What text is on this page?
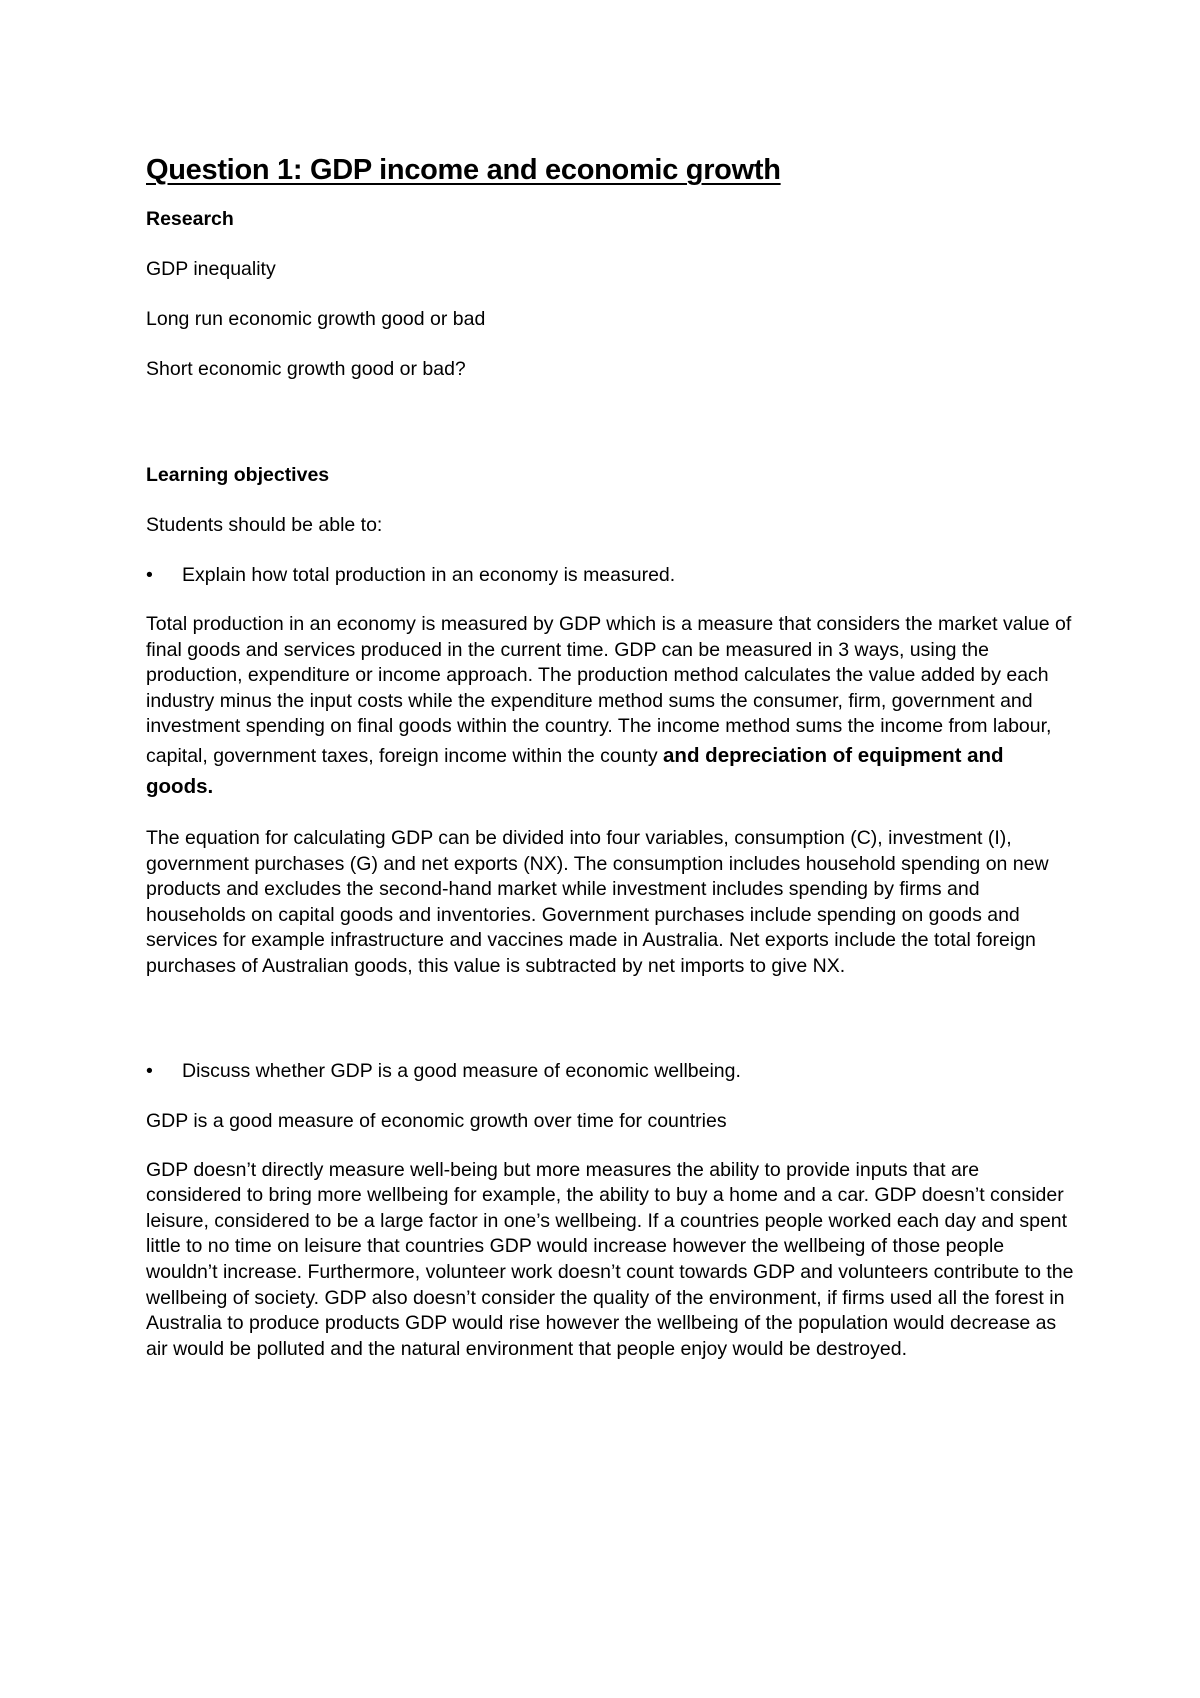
Question 1: GDP income and economic growth

Research

GDP inequality

Long run economic growth good or bad

Short economic growth good or bad?

Learning objectives

Students should be able to:

•	Explain how total production in an economy is measured.

Total production in an economy is measured by GDP which is a measure that considers the market value of final goods and services produced in the current time. GDP can be measured in 3 ways, using the production, expenditure or income approach. The production method calculates the value added by each industry minus the input costs while the expenditure method sums the consumer, firm, government and investment spending on final goods within the country. The income method sums the income from labour, capital, government taxes, foreign income within the county and depreciation of equipment and goods.

The equation for calculating GDP can be divided into four variables, consumption (C), investment (I), government purchases (G) and net exports (NX). The consumption includes household spending on new products and excludes the second-hand market while investment includes spending by firms and households on capital goods and inventories. Government purchases include spending on goods and services for example infrastructure and vaccines made in Australia. Net exports include the total foreign purchases of Australian goods, this value is subtracted by net imports to give NX.

•	Discuss whether GDP is a good measure of economic wellbeing.

GDP is a good measure of economic growth over time for countries

GDP doesn’t directly measure well-being but more measures the ability to provide inputs that are considered to bring more wellbeing for example, the ability to buy a home and a car. GDP doesn’t consider leisure, considered to be a large factor in one’s wellbeing. If a countries people worked each day and spent little to no time on leisure that countries GDP would increase however the wellbeing of those people wouldn’t increase. Furthermore, volunteer work doesn’t count towards GDP and volunteers contribute to the wellbeing of society. GDP also doesn’t consider the quality of the environment, if firms used all the forest in Australia to produce products GDP would rise however the wellbeing of the population would decrease as air would be polluted and the natural environment that people enjoy would be destroyed.
